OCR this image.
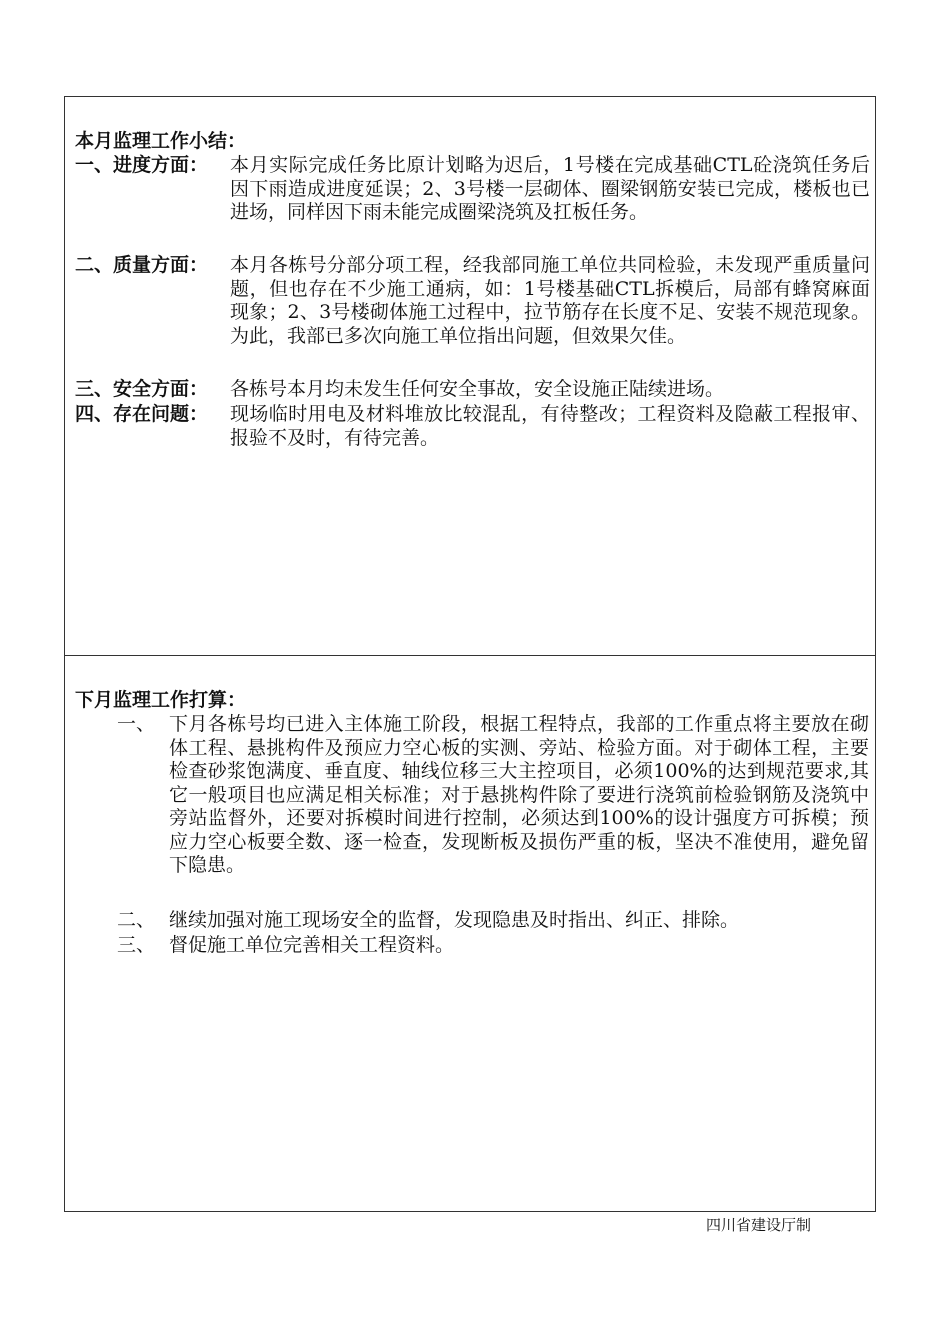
本月监理工作小结：
一、进度方面： 本月实际完成任务比原计划略为迟后，1号楼在完成基础CTL砼浇筑任务后因下雨造成进度延误；2、3号楼一层砌体、圈梁钢筋安装已完成，楼板也已进场，同样因下雨未能完成圈梁浇筑及扛板任务。
二、质量方面： 本月各栋号分部分项工程，经我部同施工单位共同检验，未发现严重质量问题，但也存在不少施工通病，如：1号楼基础CTL拆模后，局部有蜂窝麻面现象；2、3号楼砌体施工过程中，拉节筋存在长度不足、安装不规范现象。为此，我部已多次向施工单位指出问题，但效果欠佳。
三、安全方面： 各栋号本月均未发生任何安全事故，安全设施正陆续进场。
四、存在问题： 现场临时用电及材料堆放比较混乱，有待整改；工程资料及隐蔽工程报审、报验不及时，有待完善。
下月监理工作打算：
一、 下月各栋号均已进入主体施工阶段，根据工程特点，我部的工作重点将主要放在砌体工程、悬挑构件及预应力空心板的实测、旁站、检验方面。对于砌体工程，主要检查砂浆饱满度、垂直度、轴线位移三大主控项目，必须100%的达到规范要求,其它一般项目也应满足相关标准；对于悬挑构件除了要进行浇筑前检验钢筋及浇筑中旁站监督外，还要对拆模时间进行控制，必须达到100%的设计强度方可拆模；预应力空心板要全数、逐一检查，发现断板及损伤严重的板，坚决不准使用，避免留下隐患。
二、 继续加强对施工现场安全的监督，发现隐患及时指出、纠正、排除。
三、 督促施工单位完善相关工程资料。
四川省建设厅制
